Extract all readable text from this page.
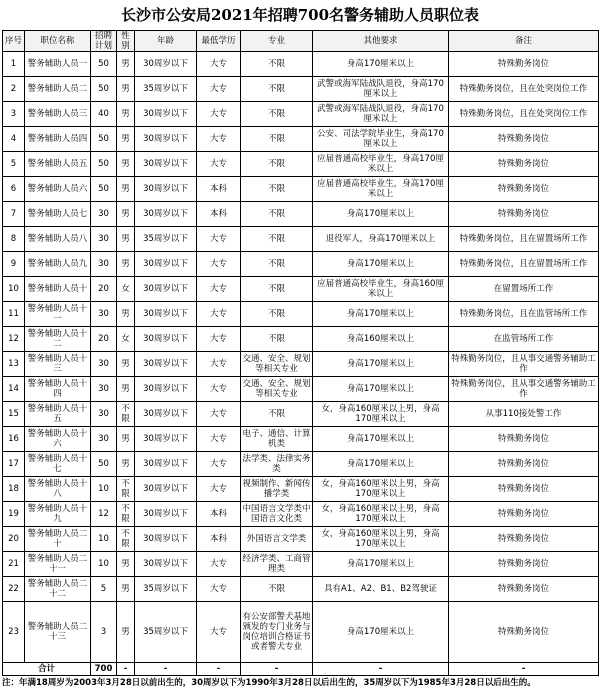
长沙市公安局2021年招聘700名警务辅助人员职位表
序号	职位名称	招聘计划	性别	年龄	最低学历	专业	其他要求	备注
1	警务辅助人员一	50	男	30周岁以下	大专	不限	身高170厘米以上	特殊勤务岗位
2	警务辅助人员二	50	男	35周岁以下	大专	不限	武警或海军陆战队退役，身高170厘米以上	特殊勤务岗位，且在处突岗位工作
3	警务辅助人员三	40	男	30周岁以下	大专	不限	武警或海军陆战队退役，身高170厘米以上	特殊勤务岗位，且在处突岗位工作
4	警务辅助人员四	50	男	30周岁以下	大专	不限	公安、司法学院毕业生，身高170厘米以上	特殊勤务岗位
5	警务辅助人员五	50	男	30周岁以下	大专	不限	应届普通高校毕业生，身高170厘米以上	特殊勤务岗位
6	警务辅助人员六	50	男	30周岁以下	本科	不限	应届普通高校毕业生，身高170厘米以上	特殊勤务岗位
7	警务辅助人员七	30	男	30周岁以下	本科	不限	身高170厘米以上	特殊勤务岗位
8	警务辅助人员八	30	男	35周岁以下	大专	不限	退役军人，身高170厘米以上	特殊勤务岗位，且在留置场所工作
9	警务辅助人员九	30	男	30周岁以下	大专	不限	身高170厘米以上	特殊勤务岗位，且在留置场所工作
10	警务辅助人员十	20	女	30周岁以下	大专	不限	应届普通高校毕业生，身高160厘米以上	在留置场所工作
11	警务辅助人员十一	30	男	30周岁以下	大专	不限	身高170厘米以上	特殊勤务岗位，且在监管场所工作
12	警务辅助人员十二	20	女	30周岁以下	大专	不限	身高160厘米以上	在监管场所工作
13	警务辅助人员十三	30	男	30周岁以下	大专	交通、安全、规划等相关专业	身高170厘米以上	特殊勤务岗位，且从事交通警务辅助工作
14	警务辅助人员十四	30	男	30周岁以下	大专	交通、安全、规划等相关专业	身高170厘米以上	特殊勤务岗位，且从事交通警务辅助工作
15	警务辅助人员十五	30	不限	30周岁以下	大专	不限	女，身高160厘米以上男，身高170厘米以上	从事110接处警工作
16	警务辅助人员十六	30	男	30周岁以下	大专	电子、通信、计算机类	身高170厘米以上	特殊勤务岗位
17	警务辅助人员十七	50	男	30周岁以下	大专	法学类、法律实务类	身高170厘米以上	特殊勤务岗位
18	警务辅助人员十八	10	不限	30周岁以下	大专	视频制作、新闻传播学类	女，身高160厘米以上男，身高170厘米以上	特殊勤务岗位
19	警务辅助人员十九	12	不限	30周岁以下	本科	中国语言文学类中国语言文化类	女，身高160厘米以上男，身高170厘米以上	特殊勤务岗位
20	警务辅助人员二十	10	不限	30周岁以下	本科	外国语言文学类	女，身高160厘米以上男，身高170厘米以上	特殊勤务岗位
21	警务辅助人员二十一	10	男	30周岁以下	大专	经济学类、工商管理类	身高170厘米以上	特殊勤务岗位
22	警务辅助人员二十二	5	男	35周岁以下	大专	不限	具有A1、A2、B1、B2驾驶证	特殊勤务岗位
23	警务辅助人员二十三	3	男	35周岁以下	大专	有公安部警犬基地颁发的专门业务与岗位培训合格证书或者警犬专业	身高170厘米以上	特殊勤务岗位
合计		700	-	-	-	-	-	-
注：年满18周岁为2003年3月28日以前出生的，30周岁以下为1990年3月28日以后出生的，35周岁以下为1985年3月28日以后出生的。
